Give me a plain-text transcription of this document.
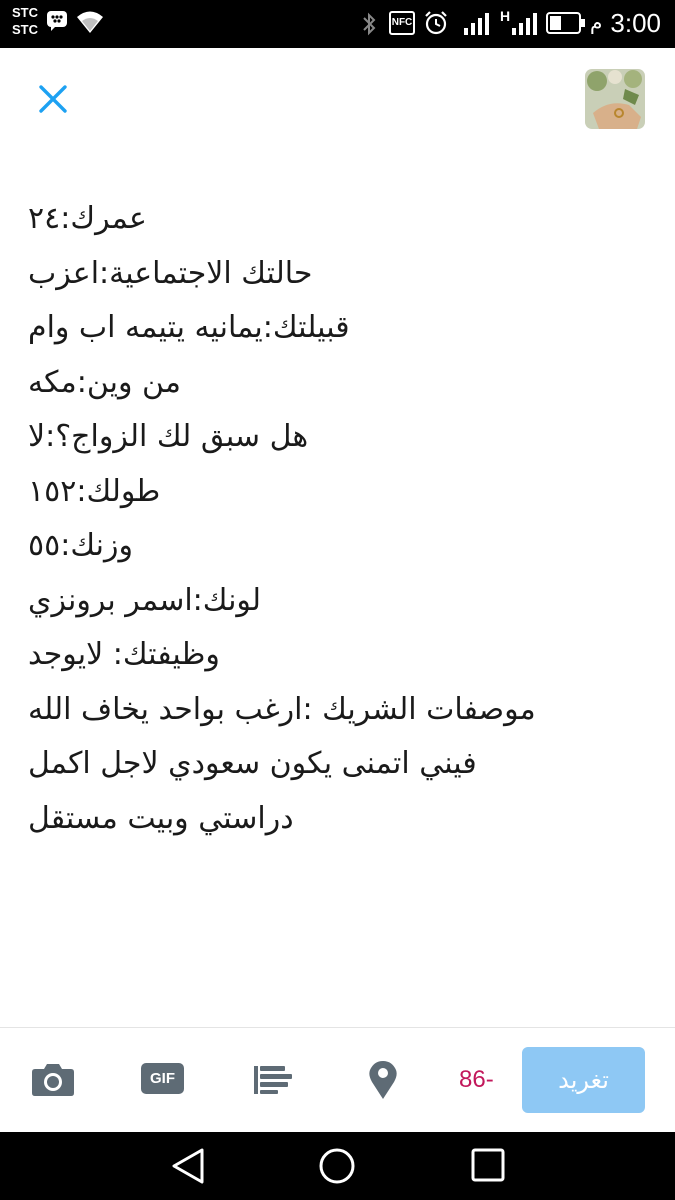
STC
STC	NFC	H	م 3:00
عمرك:٢٤
حالتك الاجتماعية:اعزب
قبيلتك:يمانيه يتيمه اب وام
من وين:مكه
هل سبق لك الزواج؟:لا
طولك:١٥٢
وزنك:٥٥
لونك:اسمر برونزي
وظيفتك: لايوجد
موصفات الشريك :ارغب بواحد يخاف الله
فيني اتمنى يكون سعودي لاجل اكمل
دراستي وبيت مستقل
GIF	86-	تغريد
